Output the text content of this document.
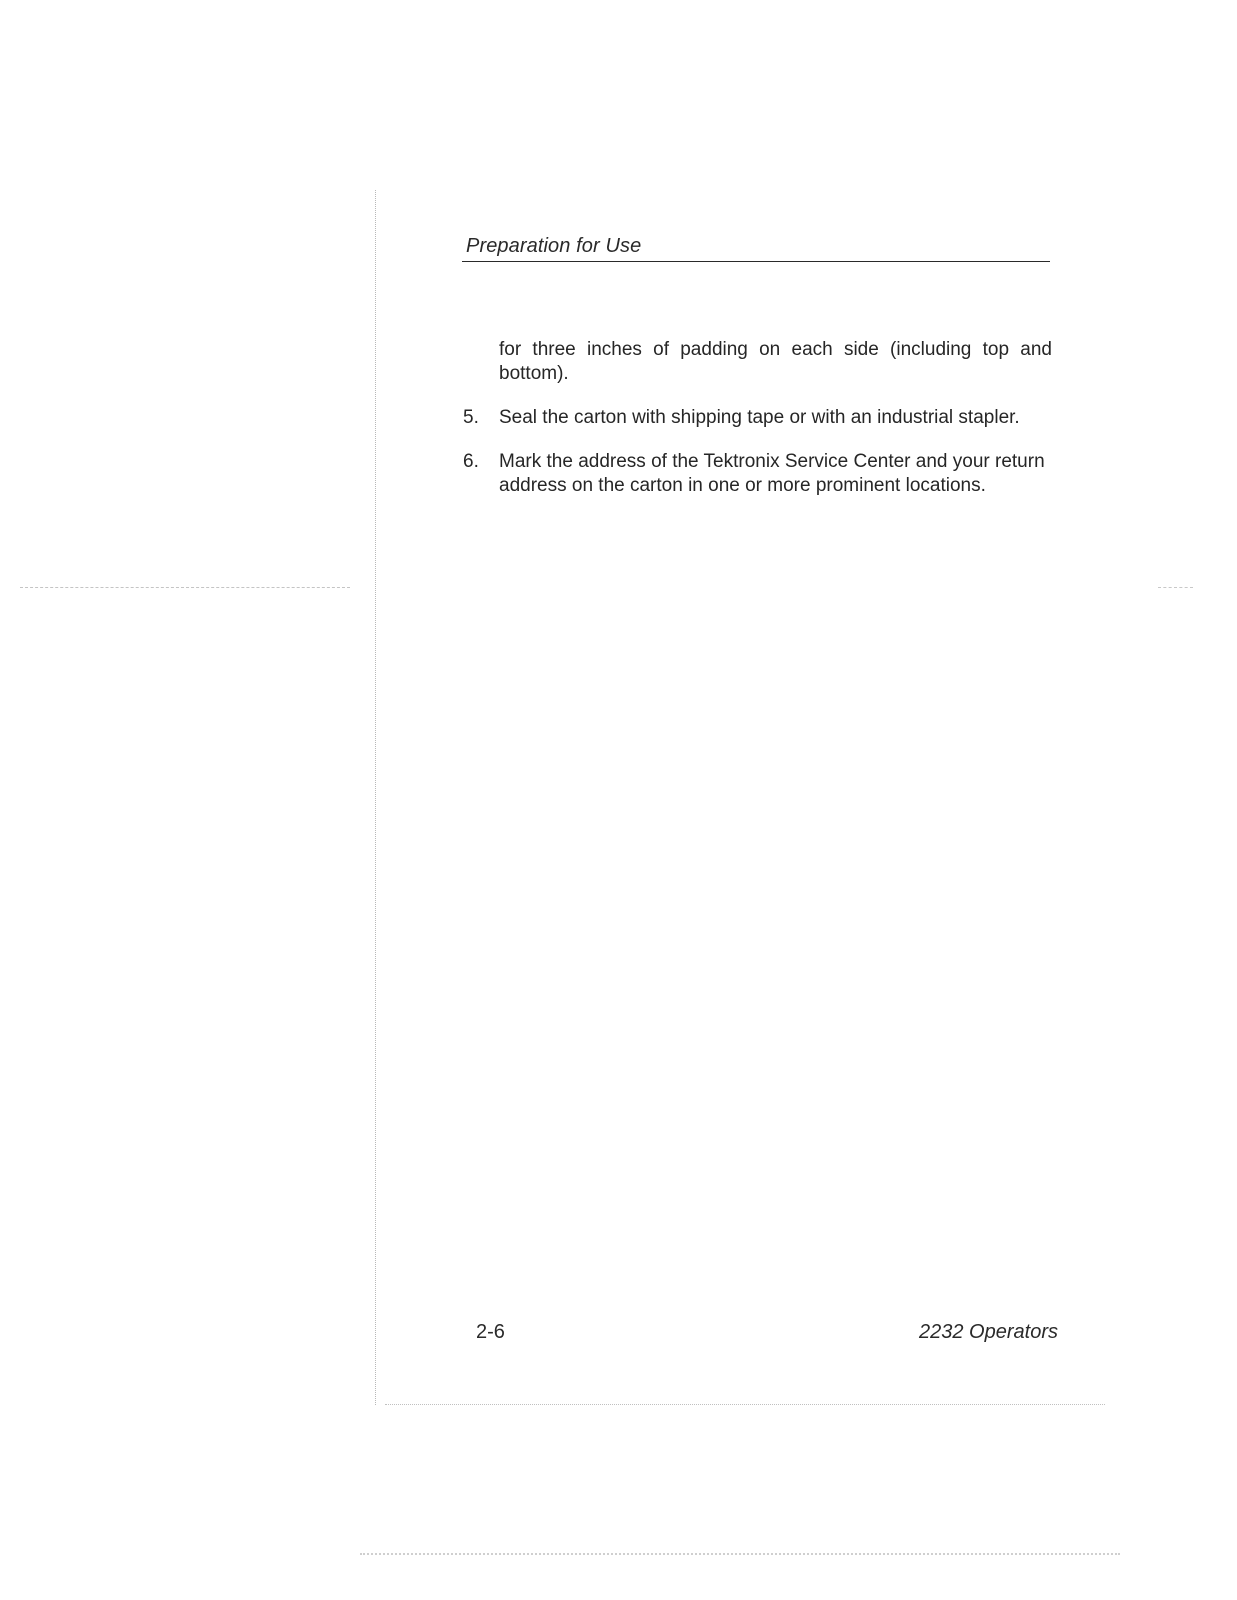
Preparation for Use
for three inches of padding on each side (including top and bottom).
5. Seal the carton with shipping tape or with an industrial stapler.
6. Mark the address of the Tektronix Service Center and your return address on the carton in one or more prominent locations.
2-6	2232 Operators
